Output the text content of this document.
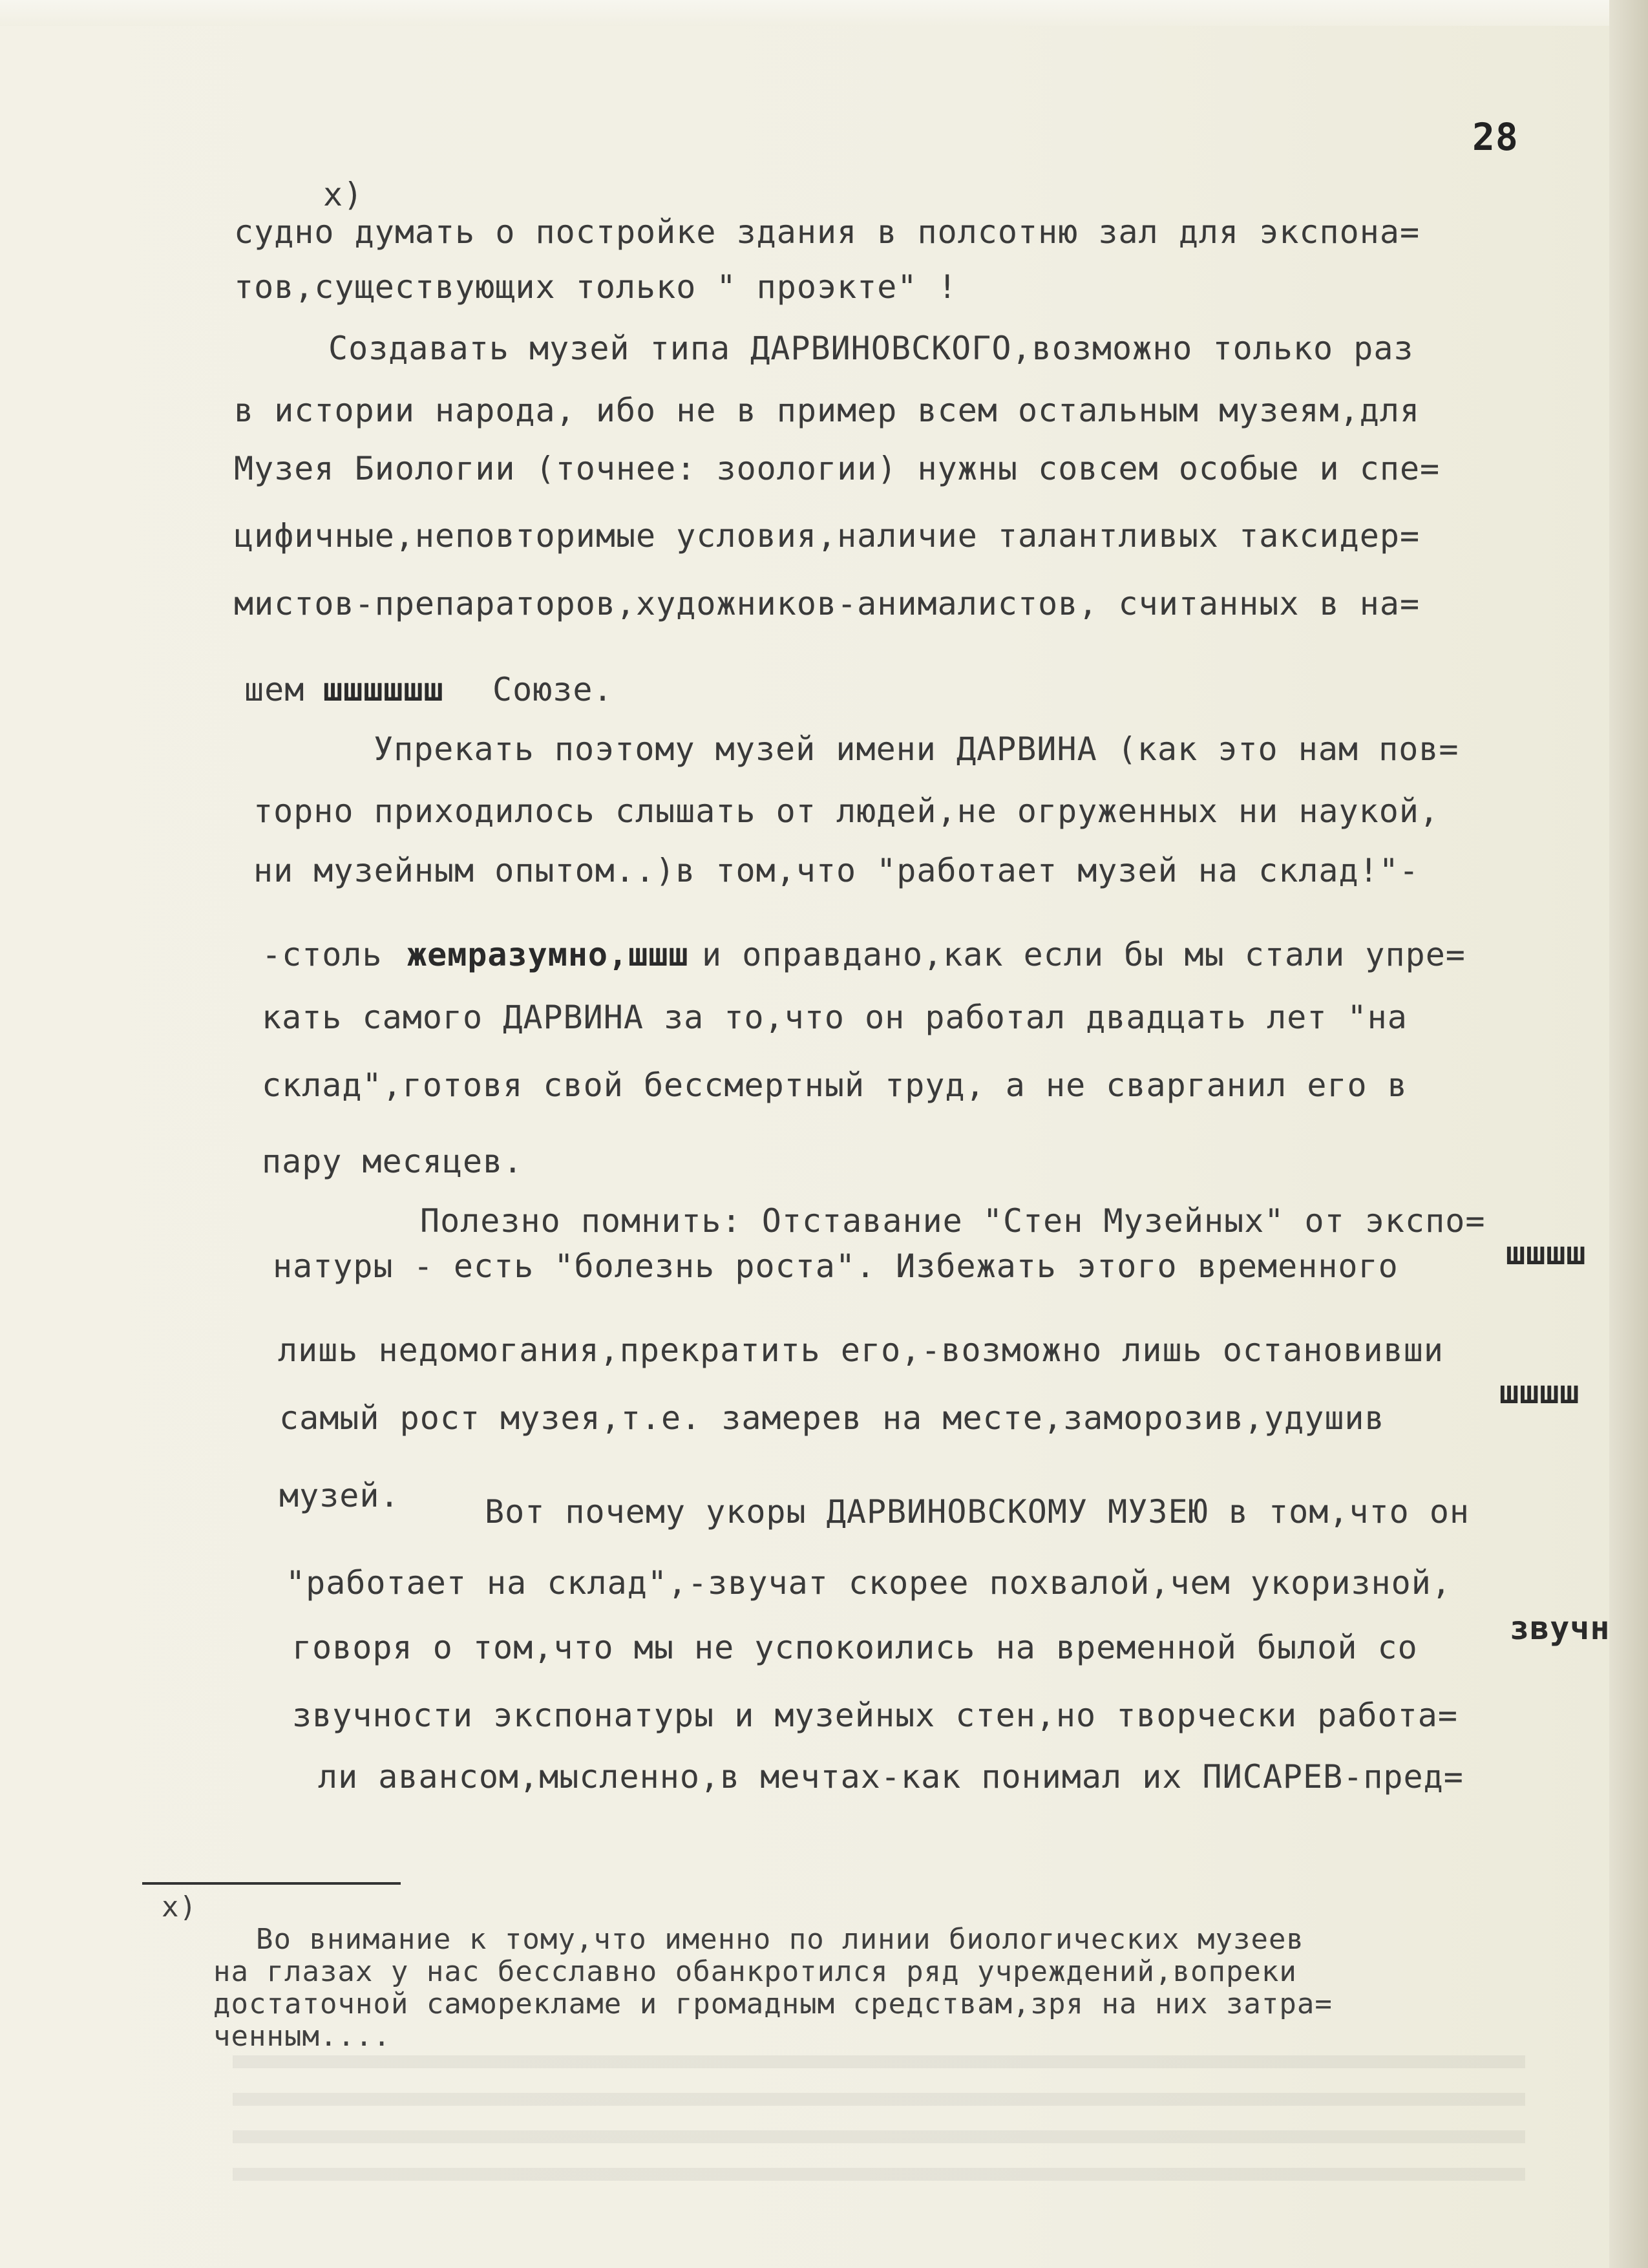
28
х)
судно думать о постройке здания в полсотню зал для экспона=
тов,существующих только " проэкте" !
Создавать музей типа ДАРВИНОВСКОГО,возможно только раз
в истории народа, ибо не в пример всем остальным музеям,для
Музея Биологии (точнее: зоологии) нужны совсем особые и спе=
цифичные,неповторимые условия,наличие талантливых таксидер=
мистов-препараторов,художников-анималистов, считанных в на=
шем шшшшшш Союзе.
Упрекать поэтому музей имени ДАРВИНА (как это нам пов=
торно приходилось слышать от людей,не огруженных ни наукой,
ни музейным опытом..)в том,что "работает музей на склад!"-
-столь жемразумно,шшш и оправдано,как если бы мы стали упре=
кать самого ДАРВИНА за то,что он работал двадцать лет "на
склад",готовя свой бессмертный труд, а не сварганил его в
пару месяцев.
Полезно помнить: Отставание "Стен Музейных" от экспо=
натуры - есть "болезнь роста". Избежать этого временного	шшшш
лишь недомогания,прекратить его,-возможно лишь остановивши
самый рост музея,т.е. замерев на месте,заморозив,удушив
шшшш
музей.	Вот почему укоры ДАРВИНОВСКОМУ МУЗЕЮ в том,что он
"работает на склад",-звучат скорее похвалой,чем укоризной,
говоря о том,что мы не успокоились на временной былой со
звучн
звучности экспонатуры и музейных стен,но творчески работа=
ли авансом,мысленно,в мечтах-как понимал их ПИСАРЕВ-пред=
х)
Во внимание к тому,что именно по линии биологических музеев
на глазах у нас бесславно обанкротился ряд учреждений,вопреки
достаточной саморекламе и громадным средствам,зря на них затра=
ченным....
